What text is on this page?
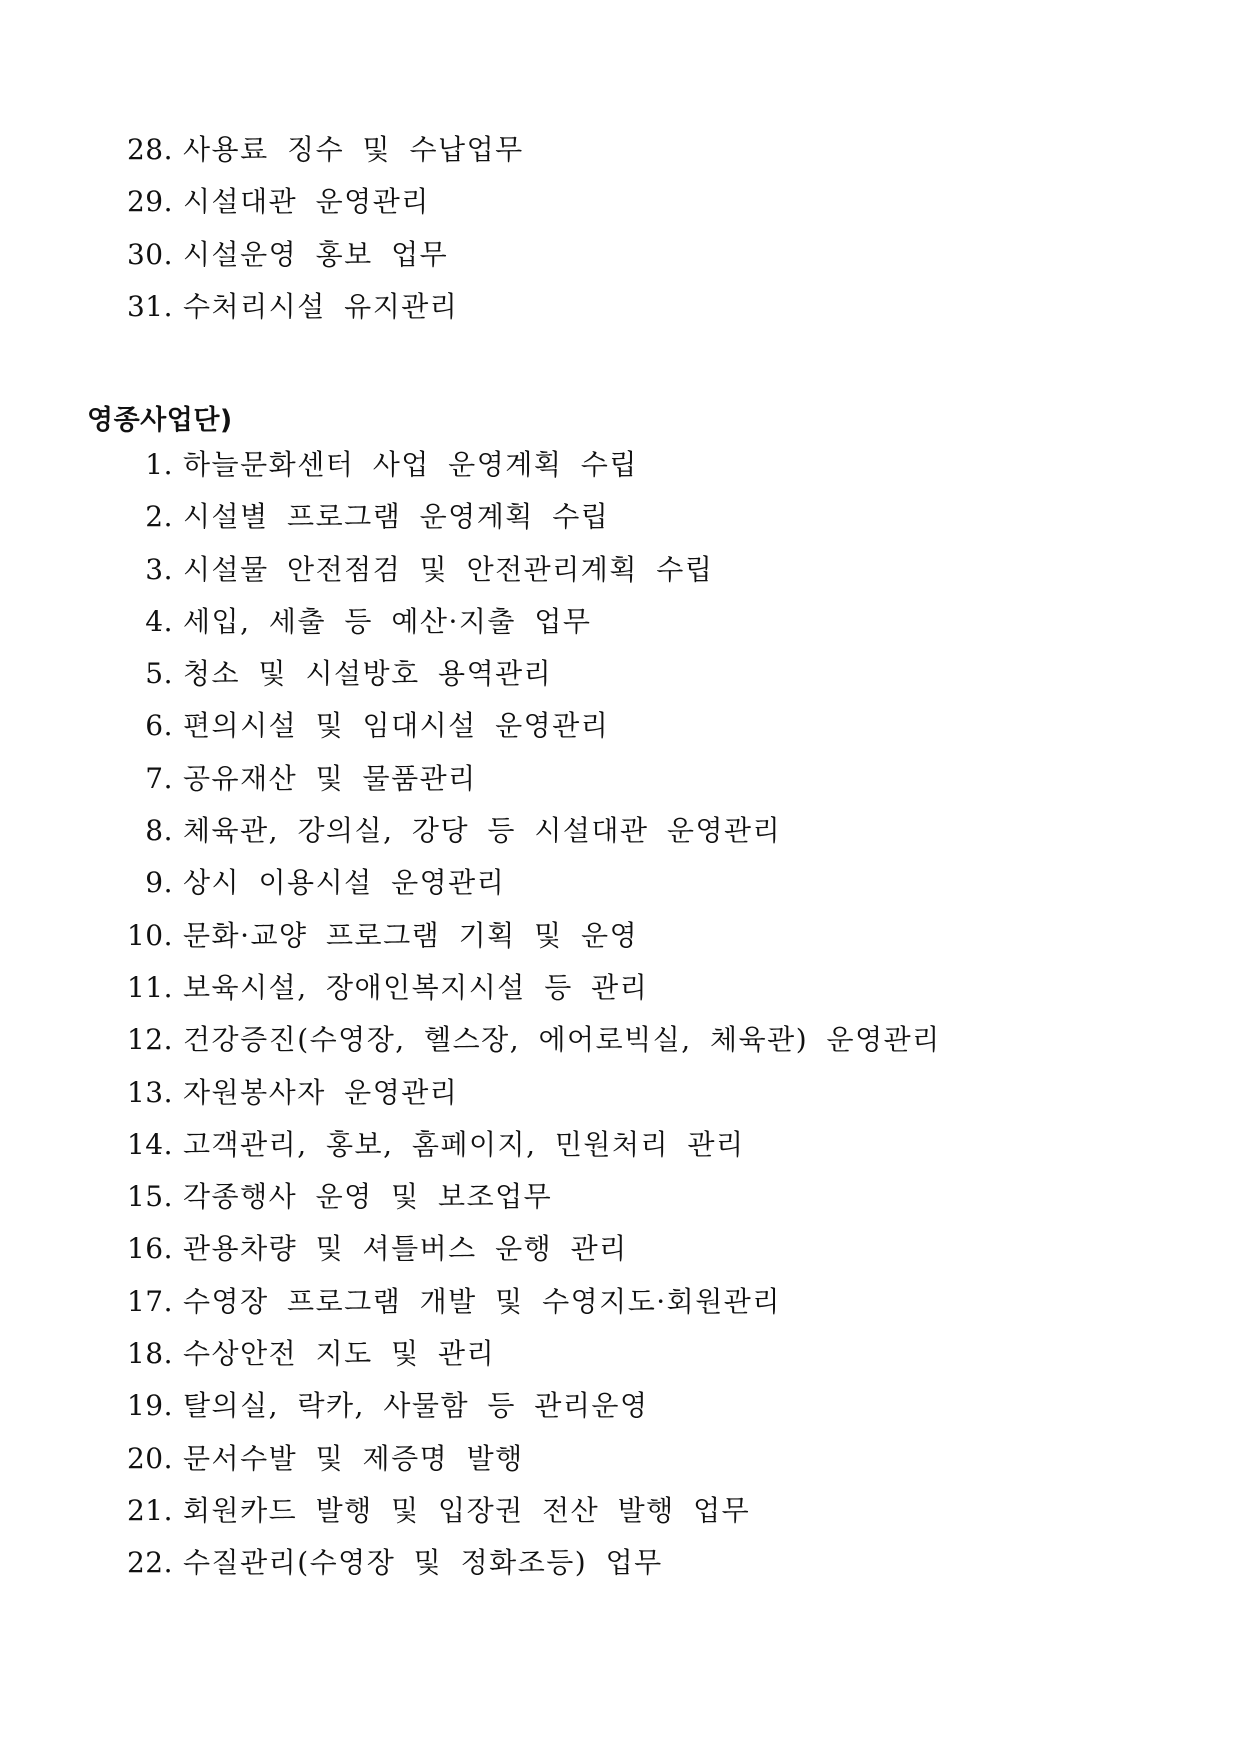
28. 사용료 징수 및 수납업무
29. 시설대관 운영관리
30. 시설운영 홍보 업무
31. 수처리시설 유지관리
영종사업단)
1. 하늘문화센터 사업 운영계획 수립
2. 시설별 프로그램 운영계획 수립
3. 시설물 안전점검 및 안전관리계획 수립
4. 세입, 세출 등 예산·지출 업무
5. 청소 및 시설방호 용역관리
6. 편의시설 및 임대시설 운영관리
7. 공유재산 및 물품관리
8. 체육관, 강의실, 강당 등 시설대관 운영관리
9. 상시 이용시설 운영관리
10. 문화·교양 프로그램 기획 및 운영
11. 보육시설, 장애인복지시설 등 관리
12. 건강증진(수영장, 헬스장, 에어로빅실, 체육관) 운영관리
13. 자원봉사자 운영관리
14. 고객관리, 홍보, 홈페이지, 민원처리 관리
15. 각종행사 운영 및 보조업무
16. 관용차량 및 셔틀버스 운행 관리
17. 수영장 프로그램 개발 및 수영지도·회원관리
18. 수상안전 지도 및 관리
19. 탈의실, 락카, 사물함 등 관리운영
20. 문서수발 및 제증명 발행
21. 회원카드 발행 및 입장권 전산 발행 업무
22. 수질관리(수영장 및 정화조등) 업무
